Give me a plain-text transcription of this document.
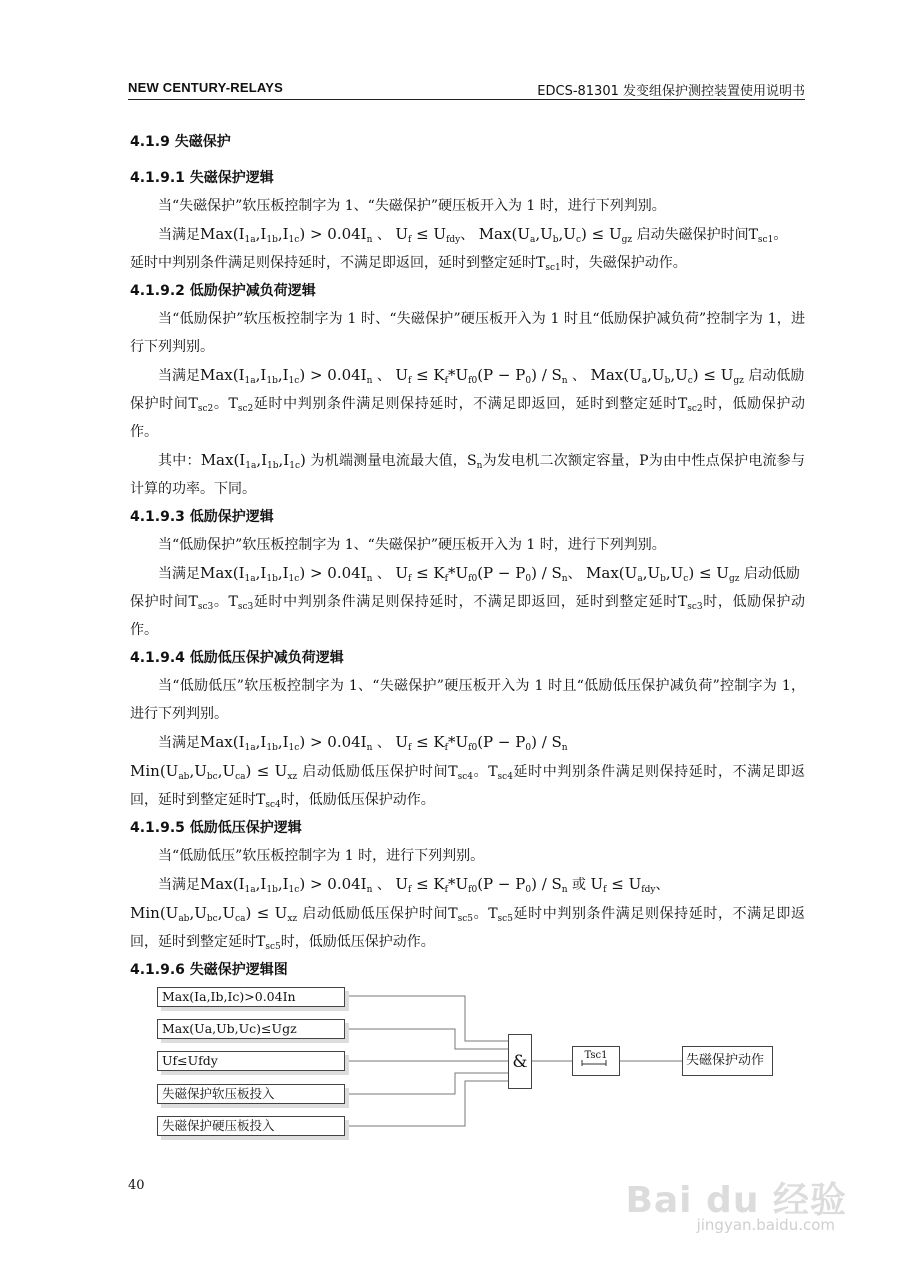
NEW CENTURY-RELAYS	EDCS-81301 发变组保护测控装置使用说明书
4.1.9 失磁保护
4.1.9.1 失磁保护逻辑

当“失磁保护”软压板控制字为 1、“失磁保护”硬压板开入为 1 时，进行下列判别。

当满足$Max(I_{1a},I_{1b},I_{1c}) > 0.04I_n$ 、 $U_f \le U_{fdy}$、 $Max(U_a,U_b,U_c) \le U_{gz}$ 启动失磁保护时间$T_{sc1}$。

延时中判别条件满足则保持延时，不满足即返回，延时到整定延时$T_{sc1}$时，失磁保护动作。

4.1.9.2 低励保护减负荷逻辑

当“低励保护”软压板控制字为 1 时、“失磁保护”硬压板开入为 1 时且“低励保护减负荷”控制字为 1，进行下列判别。

当满足$Max(I_{1a},I_{1b},I_{1c}) > 0.04I_n$ 、 $U_f \le K_f*U_{f0}(P - P_0) / S_n$ 、 $Max(U_a,U_b,U_c) \le U_{gz}$ 启动低励

保护时间$T_{sc2}$。$T_{sc2}$延时中判别条件满足则保持延时，不满足即返回，延时到整定延时$T_{sc2}$时，低励保护动作。

其中：$Max(I_{1a},I_{1b},I_{1c})$ 为机端测量电流最大值，$S_n$为发电机二次额定容量，P为由中性点保护电流参与计算的功率。下同。

4.1.9.3 低励保护逻辑

当“低励保护”软压板控制字为 1、“失磁保护”硬压板开入为 1 时，进行下列判别。

当满足$Max(I_{1a},I_{1b},I_{1c}) > 0.04I_n$ 、 $U_f \le K_f*U_{f0}(P - P_0) / S_n$、 $Max(U_a,U_b,U_c) \le U_{gz}$ 启动低励

保护时间$T_{sc3}$。$T_{sc3}$延时中判别条件满足则保持延时，不满足即返回，延时到整定延时$T_{sc3}$时，低励保护动作。

4.1.9.4 低励低压保护减负荷逻辑

当“低励低压”软压板控制字为 1、“失磁保护”硬压板开入为 1 时且“低励低压保护减负荷”控制字为 1，进行下列判别。

当满足$Max(I_{1a},I_{1b},I_{1c}) > 0.04I_n$ 、 $U_f \le K_f*U_{f0}(P - P_0) / S_n$

$Min(U_{ab},U_{bc},U_{ca}) \le U_{xz}$ 启动低励低压保护时间$T_{sc4}$。$T_{sc4}$延时中判别条件满足则保持延时，不满足即返回，延时到整定延时$T_{sc4}$时，低励低压保护动作。

4.1.9.5 低励低压保护逻辑

当“低励低压”软压板控制字为 1 时，进行下列判别。

当满足$Max(I_{1a},I_{1b},I_{1c}) > 0.04I_n$ 、 $U_f \le K_f*U_{f0}(P - P_0) / S_n$ 或 $U_f \le U_{fdy}$、

$Min(U_{ab},U_{bc},U_{ca}) \le U_{xz}$ 启动低励低压保护时间$T_{sc5}$。$T_{sc5}$延时中判别条件满足则保持延时，不满足即返回，延时到整定延时$T_{sc5}$时，低励低压保护动作。

4.1.9.6 失磁保护逻辑图
Max(Ia,Ib,Ic)>0.04In
Max(Ua,Ub,Uc)≤Ugz
Uf≤Ufdy
失磁保护软压板投入
失磁保护硬压板投入
&	Tsc1	失磁保护动作
40	Bai du 经验
jingyan.baidu.com
